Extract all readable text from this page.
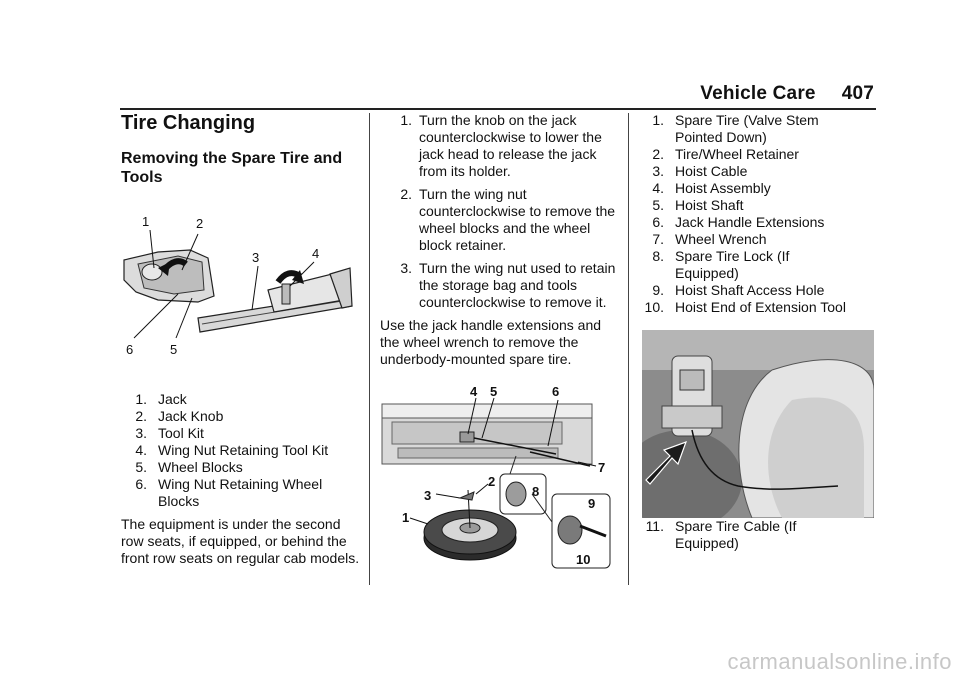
Vehicle Care 407
Tire Changing
Removing the Spare Tire and Tools
1	2
3	4
6	5
1. Jack
2. Jack Knob
3. Tool Kit
4. Wing Nut Retaining Tool Kit
5. Wheel Blocks
6. Wing Nut Retaining Wheel Blocks

The equipment is under the second row seats, if equipped, or behind the front row seats on regular cab models.

1. Turn the knob on the jack counterclockwise to lower the jack head to release the jack from its holder.
2. Turn the wing nut counterclockwise to remove the wheel blocks and the wheel block retainer.
3. Turn the wing nut used to retain the storage bag and tools counterclockwise to remove it.

Use the jack handle extensions and the wheel wrench to remove the underbody-mounted spare tire.

4 5	6
7
2
8
3
9
1
10
1. Spare Tire (Valve Stem Pointed Down)
2. Tire/Wheel Retainer
3. Hoist Cable
4. Hoist Assembly
5. Hoist Shaft
6. Jack Handle Extensions
7. Wheel Wrench
8. Spare Tire Lock (If Equipped)
9. Hoist Shaft Access Hole
10. Hoist End of Extension Tool
11. Spare Tire Cable (If Equipped)
carmanualsonline.info
